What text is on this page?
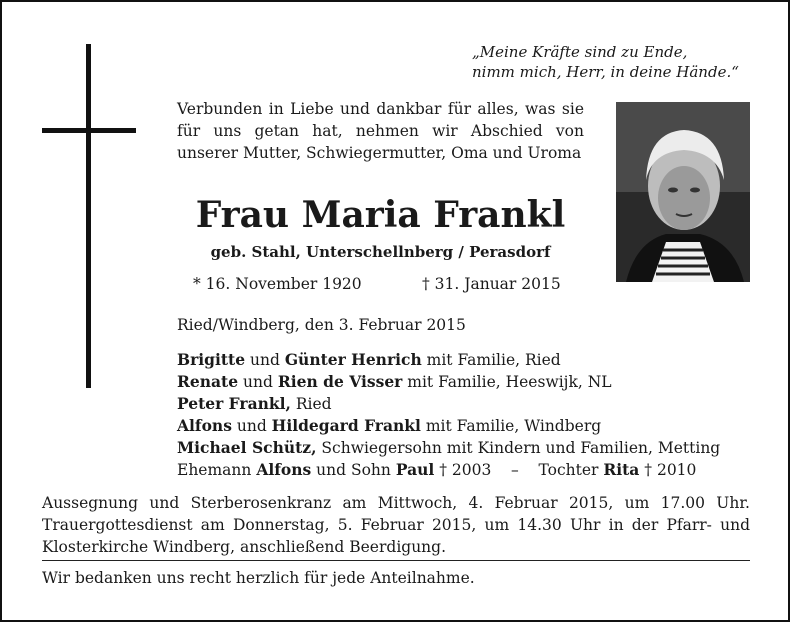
„Meine Kräfte sind zu Ende,
nimm mich, Herr, in deine Hände.“
Verbunden in Liebe und dankbar für alles, was sie für uns getan hat, nehmen wir Abschied von unserer Mutter, Schwiegermutter, Oma und Uroma
Frau Maria Frankl
geb. Stahl, Unterschellnberg / Perasdorf
* 16. November 1920	† 31. Januar 2015
Ried/Windberg, den 3. Februar 2015
Brigitte und Günter Henrich mit Familie, Ried
Renate und Rien de Visser mit Familie, Heeswijk, NL
Peter Frankl, Ried
Alfons und Hildegard Frankl mit Familie, Windberg
Michael Schütz, Schwiegersohn mit Kindern und Familien, Metting
Ehemann Alfons und Sohn Paul † 2003    –    Tochter Rita † 2010
Aussegnung und Sterberosenkranz am Mittwoch, 4. Februar 2015, um 17.00 Uhr. Trauergottesdienst am Donnerstag, 5. Februar 2015, um 14.30 Uhr in der Pfarr- und Klosterkirche Windberg, anschließend Beerdigung.
Wir bedanken uns recht herzlich für jede Anteilnahme.
